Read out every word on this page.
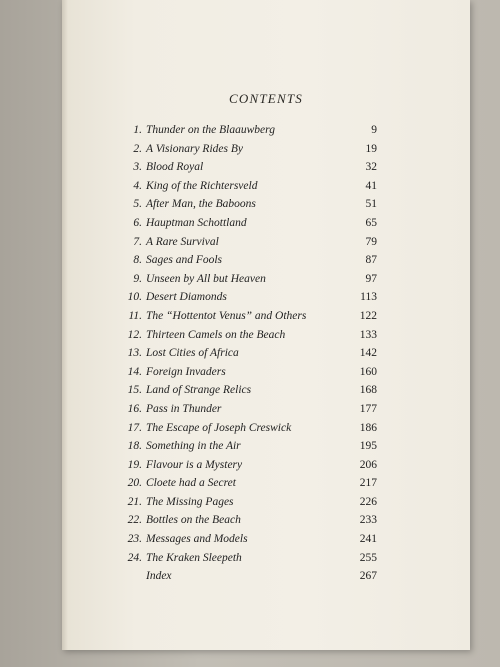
CONTENTS
1. Thunder on the Blaauwberg	9
2. A Visionary Rides By	19
3. Blood Royal	32
4. King of the Richtersveld	41
5. After Man, the Baboons	51
6. Hauptman Schottland	65
7. A Rare Survival	79
8. Sages and Fools	87
9. Unseen by All but Heaven	97
10. Desert Diamonds	113
11. The “Hottentot Venus” and Others	122
12. Thirteen Camels on the Beach	133
13. Lost Cities of Africa	142
14. Foreign Invaders	160
15. Land of Strange Relics	168
16. Pass in Thunder	177
17. The Escape of Joseph Creswick	186
18. Something in the Air	195
19. Flavour is a Mystery	206
20. Cloete had a Secret	217
21. The Missing Pages	226
22. Bottles on the Beach	233
23. Messages and Models	241
24. The Kraken Sleepeth	255
Index	267
